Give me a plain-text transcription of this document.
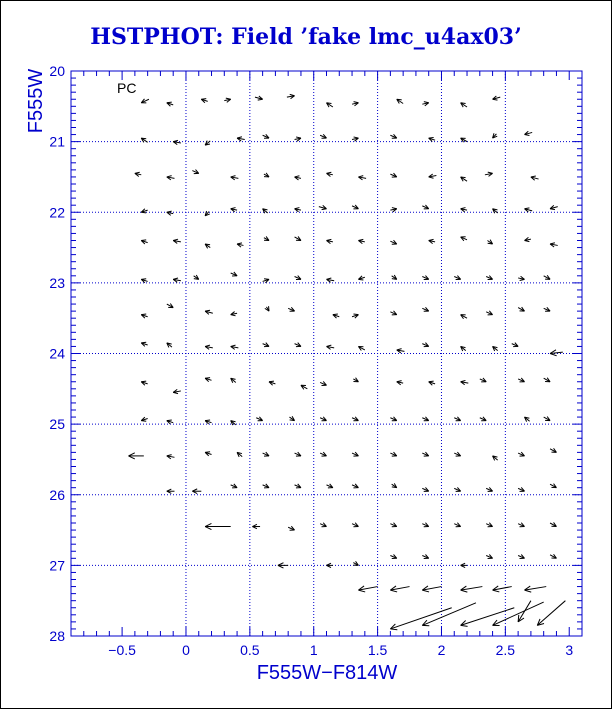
HSTPHOT: Field ’fake lmc_u4ax03’
−0.5	0	0.5	1	1.5	2	2.5	3
20
21
22
23
24
25
26
27
28
PC
F555W−F814W
F555W
